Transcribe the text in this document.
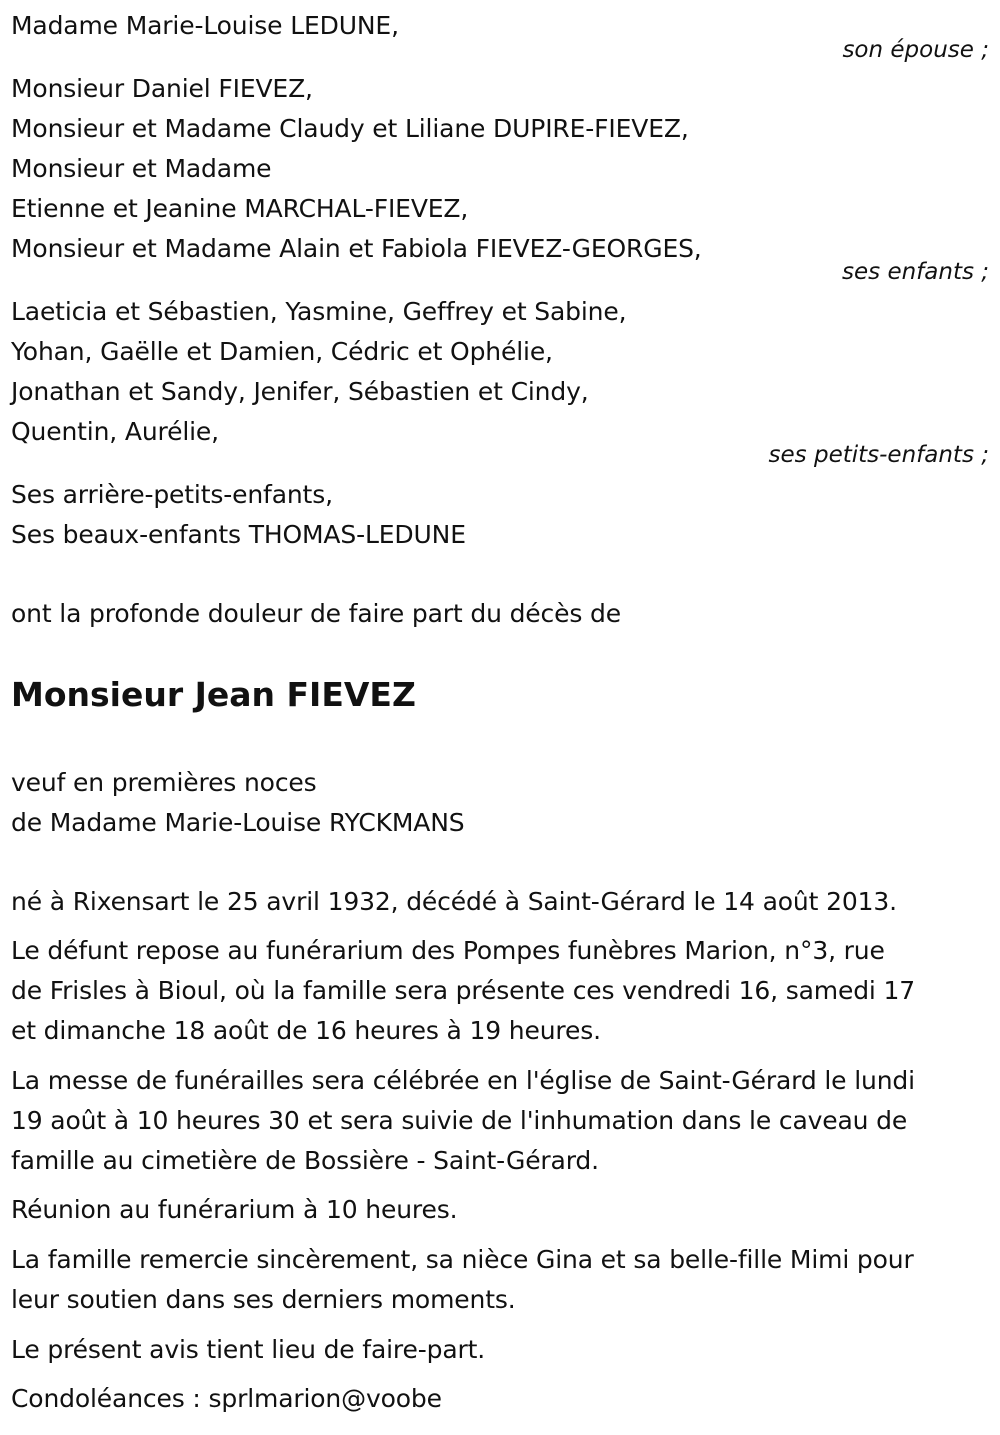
Madame Marie-Louise LEDUNE,
son épouse ;
Monsieur Daniel FIEVEZ,
Monsieur et Madame Claudy et Liliane DUPIRE-FIEVEZ,
Monsieur et Madame
Etienne et Jeanine MARCHAL-FIEVEZ,
Monsieur et Madame Alain et Fabiola FIEVEZ-GEORGES,
ses enfants ;
Laeticia et Sébastien, Yasmine, Geffrey et Sabine,
Yohan, Gaëlle et Damien, Cédric et Ophélie,
Jonathan et Sandy, Jenifer, Sébastien et Cindy,
Quentin, Aurélie,
ses petits-enfants ;
Ses arrière-petits-enfants,
Ses beaux-enfants THOMAS-LEDUNE
ont la profonde douleur de faire part du décès de
Monsieur Jean FIEVEZ
veuf en premières noces
de Madame Marie-Louise RYCKMANS
né à Rixensart le 25 avril 1932, décédé à Saint-Gérard le 14 août 2013.
Le défunt repose au funérarium des Pompes funèbres Marion, n°3, rue
de Frisles à Bioul, où la famille sera présente ces vendredi 16, samedi 17
et dimanche 18 août de 16 heures à 19 heures.
La messe de funérailles sera célébrée en l'église de Saint-Gérard le lundi
19 août à 10 heures 30 et sera suivie de l'inhumation dans le caveau de
famille au cimetière de Bossière - Saint-Gérard.
Réunion au funérarium à 10 heures.
La famille remercie sincèrement, sa nièce Gina et sa belle-fille Mimi pour
leur soutien dans ses derniers moments.
Le présent avis tient lieu de faire-part.
Condoléances : sprlmarion@voobe
